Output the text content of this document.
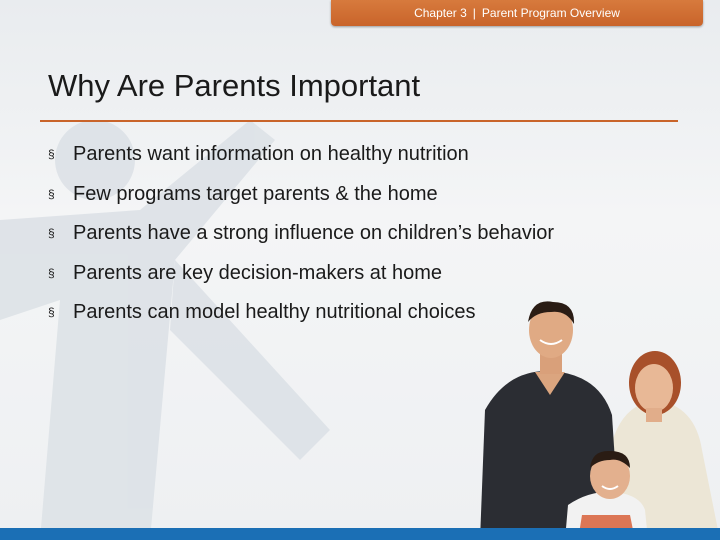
Chapter 3 | Parent Program Overview
Why Are Parents Important
§ Parents want information on healthy nutrition
§ Few programs target parents & the home
§ Parents have a strong influence on children’s behavior
§ Parents are key decision-makers at home
§ Parents can model healthy nutritional choices
